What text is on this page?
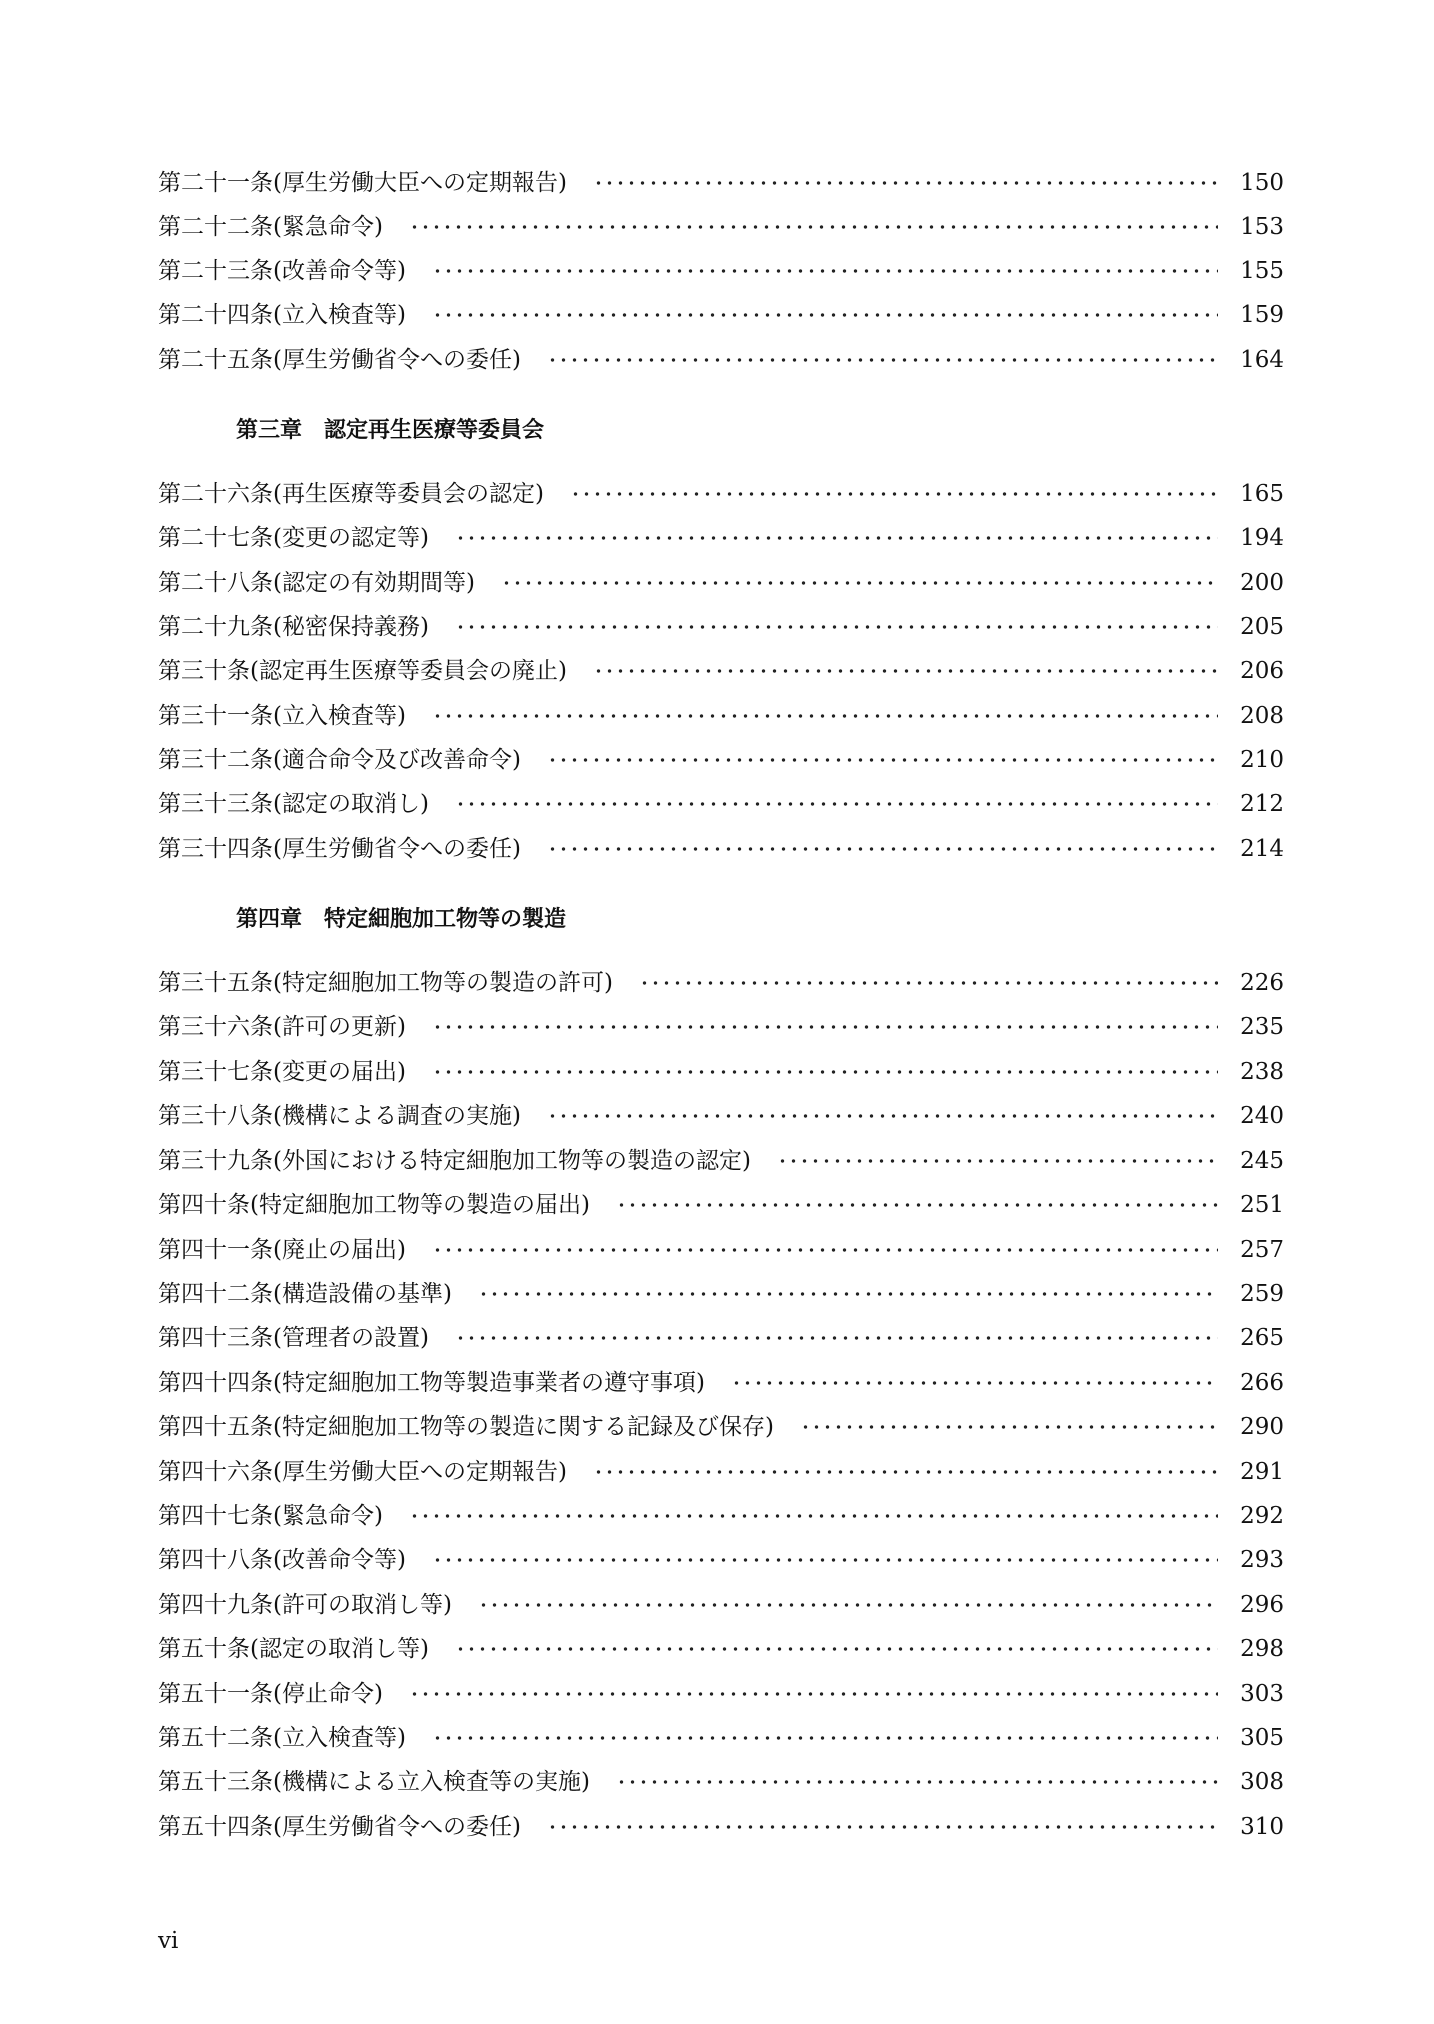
第二十一条(厚生労働大臣への定期報告)	150
第二十二条(緊急命令)	153
第二十三条(改善命令等)	155
第二十四条(立入検査等)	159
第二十五条(厚生労働省令への委任)	164
第三章　認定再生医療等委員会
第二十六条(再生医療等委員会の認定)	165
第二十七条(変更の認定等)	194
第二十八条(認定の有効期間等)	200
第二十九条(秘密保持義務)	205
第三十条(認定再生医療等委員会の廃止)	206
第三十一条(立入検査等)	208
第三十二条(適合命令及び改善命令)	210
第三十三条(認定の取消し)	212
第三十四条(厚生労働省令への委任)	214
第四章　特定細胞加工物等の製造
第三十五条(特定細胞加工物等の製造の許可)	226
第三十六条(許可の更新)	235
第三十七条(変更の届出)	238
第三十八条(機構による調査の実施)	240
第三十九条(外国における特定細胞加工物等の製造の認定)	245
第四十条(特定細胞加工物等の製造の届出)	251
第四十一条(廃止の届出)	257
第四十二条(構造設備の基準)	259
第四十三条(管理者の設置)	265
第四十四条(特定細胞加工物等製造事業者の遵守事項)	266
第四十五条(特定細胞加工物等の製造に関する記録及び保存)	290
第四十六条(厚生労働大臣への定期報告)	291
第四十七条(緊急命令)	292
第四十八条(改善命令等)	293
第四十九条(許可の取消し等)	296
第五十条(認定の取消し等)	298
第五十一条(停止命令)	303
第五十二条(立入検査等)	305
第五十三条(機構による立入検査等の実施)	308
第五十四条(厚生労働省令への委任)	310
vi
